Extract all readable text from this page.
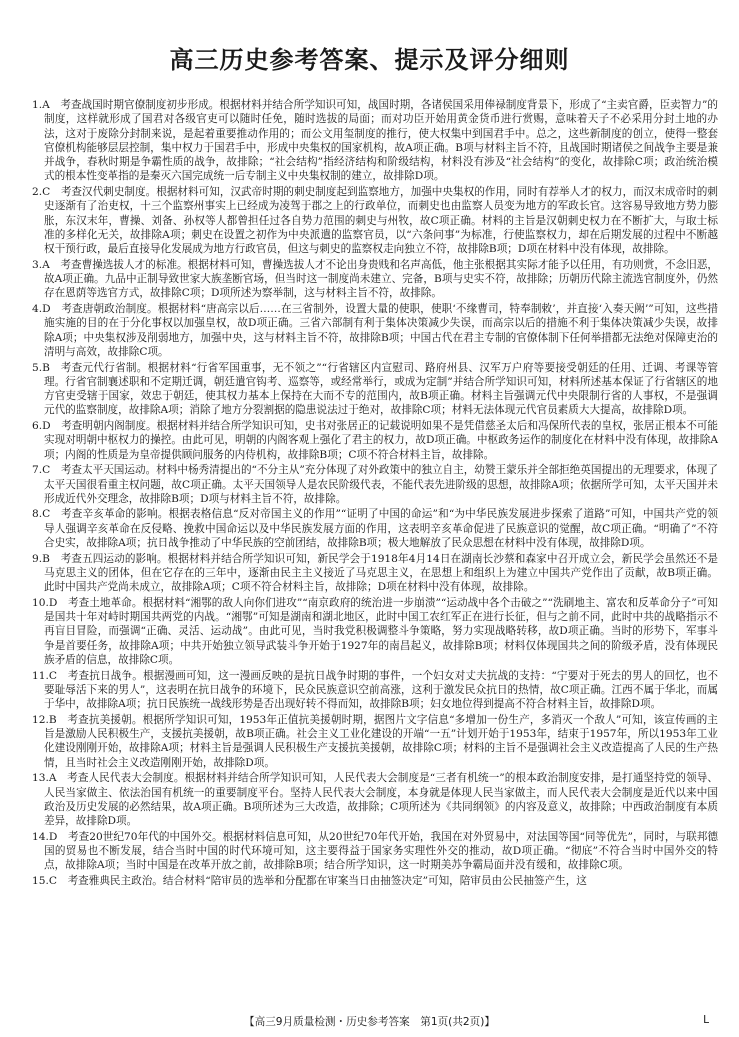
高三历史参考答案、提示及评分细则
1.A  考查战国时期官僚制度初步形成。根据材料并结合所学知识可知，战国时期，各诸侯国采用俸禄制度背景下，形成了“主卖官爵，臣卖智力”的制度，这样就形成了国君对各级官吏可以随时任免，随时选拔的局面；而对功臣开始用黄金货币进行赏赐，意味着天子不必采用分封土地的办法，这对于废除分封制来说，是起着重要推动作用的；而公文用玺制度的推行，使大权集中到国君手中。总之，这些新制度的创立，使得一整套官僚机构能够层层控制，集中权力于国君手中，形成中央集权的国家机构，故A项正确。B项与材料主旨不符，且战国时期诸侯之间战争主要是兼并战争，春秋时期是争霸性质的战争，故排除；“社会结构”指经济结构和阶级结构，材料没有涉及“社会结构”的变化，故排除C项；政治统治模式的根本性变革指的是秦灭六国完成统一后专制主义中央集权制的建立，故排除D项。
2.C  考查汉代刺史制度。根据材料可知，汉武帝时期的刺史制度起到监察地方，加强中央集权的作用，同时有荐举人才的权力，而汉末成帝时的刺史逐渐有了治吏权，十三个监察州事实上已经成为凌驾于郡之上的行政单位，而刺史也由监察人员变为地方的军政长官。这容易导致地方势力膨胀，东汉末年，曹操、刘备、孙权等人都曾担任过各自势力范围的刺史与州牧，故C项正确。材料的主旨是汉朝刺史权力在不断扩大，与取士标准的多样化无关，故排除A项；刺史在设置之初作为中央派遣的监察官员，以“六条问事”为标准，行使监察权力，却在后期发展的过程中不断越权干预行政，最后直接导化发展成为地方行政官员，但这与刺史的监察权走向独立不符，故排除B项；D项在材料中没有体现，故排除。
3.A  考查曹操选拔人才的标准。根据材料可知，曹操选拔人才不论出身贵贱和名声高低，他主张根据其实际才能予以任用，有功则赏，不念旧恶，故A项正确。九品中正制导致世家大族垄断官场，但当时这一制度尚未建立、完备，B项与史实不符，故排除；历朝历代除主流选官制度外，仍然存在恩荫等选官方式，故排除C项；D项所述为察举制，这与材料主旨不符，故排除。
4.D  考查唐朝政治制度。根据材料“唐高宗以后……在三省制外，设置大量的使职，使职‘不缘曹司，特奉制敕’，并直接‘入奏天阙’”可知，这些措施实施的目的在于分化事权以加强皇权，故D项正确。三省六部制有利于集体决策减少失误，而高宗以后的措施不利于集体决策减少失误，故排除A项；中央集权涉及削弱地方，加强中央，这与材料主旨不符，故排除B项；中国古代在君主专制的官僚体制下任何举措都无法绝对保障吏治的清明与高效，故排除C项。
5.B  考查元代行省制。根据材料“行省军国重事，无不领之”“行省辖区内宣慰司、路府州县、汉军万户府等要接受朝廷的任用、迁调、考课等管理。行省官制襄述职和不定期迁调，朝廷遣官钩考、巡察等，或经常举行，或成为定制”并结合所学知识可知，材料所述基本保证了行省辖区的地方官吏受辖于国家，效忠于朝廷，使其权力基本上保持在大而不专的范围内，故B项正确。材料主旨强调元代中央限制行省的人事权，不是强调元代的监察制度，故排除A项；消除了地方分裂割据的隐患说法过于绝对，故排除C项；材料无法体现元代官员素质大大提高，故排除D项。
6.D  考查明朝内阁制度。根据材料并结合所学知识可知，史书对张居正的记载说明如果不是凭借慈圣太后和冯保所代表的皇权，张居正根本不可能实现对明朝中枢权力的操控。由此可见，明朝的内阁客观上强化了君主的权力，故D项正确。中枢政务运作的制度化在材料中没有体现，故排除A项；内阁的性质是为皇帝提供顾问服务的内侍机构，故排除B项；C项不符合材料主旨，故排除。
7.C  考查太平天国运动。材料中杨秀清提出的“不分主从”充分体现了对外政策中的独立自主，幼赞王蒙乐并全部拒绝英国提出的无理要求，体现了太平天国很看重主权问题，故C项正确。太平天国领导人是农民阶级代表，不能代表先进阶级的思想，故排除A项；依据所学可知，太平天国并未形成近代外交理念，故排除B项；D项与材料主旨不符，故排除。
8.C  考查辛亥革命的影响。根据表格信息“反对帝国主义的作用”“证明了中国的命运”和“为中华民族发展进步探索了道路”可知，中国共产党的领导人强调辛亥革命在反侵略、挽救中国命运以及中华民族发展方面的作用，这表明辛亥革命促进了民族意识的觉醒，故C项正确。“明确了”不符合史实，故排除A项；抗日战争推动了中华民族的空前团结，故排除B项；极大地解放了民众思想在材料中没有体现，故排除D项。
9.B  考查五四运动的影响。根据材料并结合所学知识可知，新民学会于1918年4月14日在湖南长沙蔡和森家中召开成立会，新民学会虽然还不是马克思主义的团体，但在它存在的三年中，逐渐由民主主义接近了马克思主义，在思想上和组织上为建立中国共产党作出了贡献，故B项正确。此时中国共产党尚未成立，故排除A项；C项不符合材料主旨，故排除；D项在材料中没有体现，故排除。
10.D  考查土地革命。根据材料“湘鄂的敌人向你们进攻”“南京政府的统治进一步崩溃”“运动战中各个击破之”“洗刷地主、富农和反革命分子”可知是国共十年对峙时期国共两党的内战。“湘鄂”可知是湖南和湖北地区，此时中国工农红军正在进行长征，但与之前不同，此时中共的战略指示不再盲目冒险，而强调“正确、灵活、运动战”。由此可见，当时我党积极调整斗争策略，努力实现战略转移，故D项正确。当时的形势下，军事斗争是首要任务，故排除A项；中共开始独立领导武装斗争开始于1927年的南昌起义，故排除B项；材料仅体现国共之间的阶级矛盾，没有体现民族矛盾的信息，故排除C项。
11.C  考查抗日战争。根据漫画可知，这一漫画反映的是抗日战争时期的事件，一个妇女对丈夫抗战的支持：“宁要对于死去的男人的回忆，也不要耻辱活下来的男人”，这表明在抗日战争的环境下，民众民族意识空前高涨，这利于激发民众抗日的热情，故C项正确。江西不属于华北，而属于华中，故排除A项；抗日民族统一战线形势是否出现好转不得而知，故排除B项；妇女地位得到提高不符合材料主旨，故排除D项。
12.B  考查抗美援朝。根据所学知识可知，1953年正值抗美援朝时期，据图片文字信息“多增加一份生产，多消灭一个敌人”可知，该宣传画的主旨是激励人民积极生产，支援抗美援朝，故B项正确。社会主义工业化建设的开端“一五”计划开始于1953年，结束于1957年，所以1953年工业化建设刚刚开始，故排除A项；材料主旨是强调人民积极生产支援抗美援朝，故排除C项；材料的主旨不是强调社会主义改造提高了人民的生产热情，且当时社会主义改造刚刚开始，故排除D项。
13.A  考查人民代表大会制度。根据材料并结合所学知识可知，人民代表大会制度是“三者有机统一”的根本政治制度安排，是打通坚持党的领导、人民当家做主、依法治国有机统一的重要制度平台。坚持人民代表大会制度，本身就是体现人民当家做主，而人民代表大会制度是近代以来中国政治及历史发展的必然结果，故A项正确。B项所述为三大改造，故排除；C项所述为《共同纲领》的内容及意义，故排除；中西政治制度有本质差异，故排除D项。
14.D  考查20世纪70年代的中国外交。根据材料信息可知，从20世纪70年代开始，我国在对外贸易中，对法国等国“同等优先”，同时，与联邦德国的贸易也不断发展，结合当时中国的时代环境可知，这主要得益于国家务实理性外交的推动，故D项正确。“彻底”不符合当时中国外交的特点，故排除A项；当时中国是在改革开放之前，故排除B项；结合所学知识，这一时期美苏争霸局面并没有缓和，故排除C项。
15.C  考查雅典民主政治。结合材料“陪审员的选举和分配都在审案当日由抽签决定”可知，陪审员由公民抽签产生，这
【高三9月质量检测・历史参考答案　第1页(共2页)】	L
